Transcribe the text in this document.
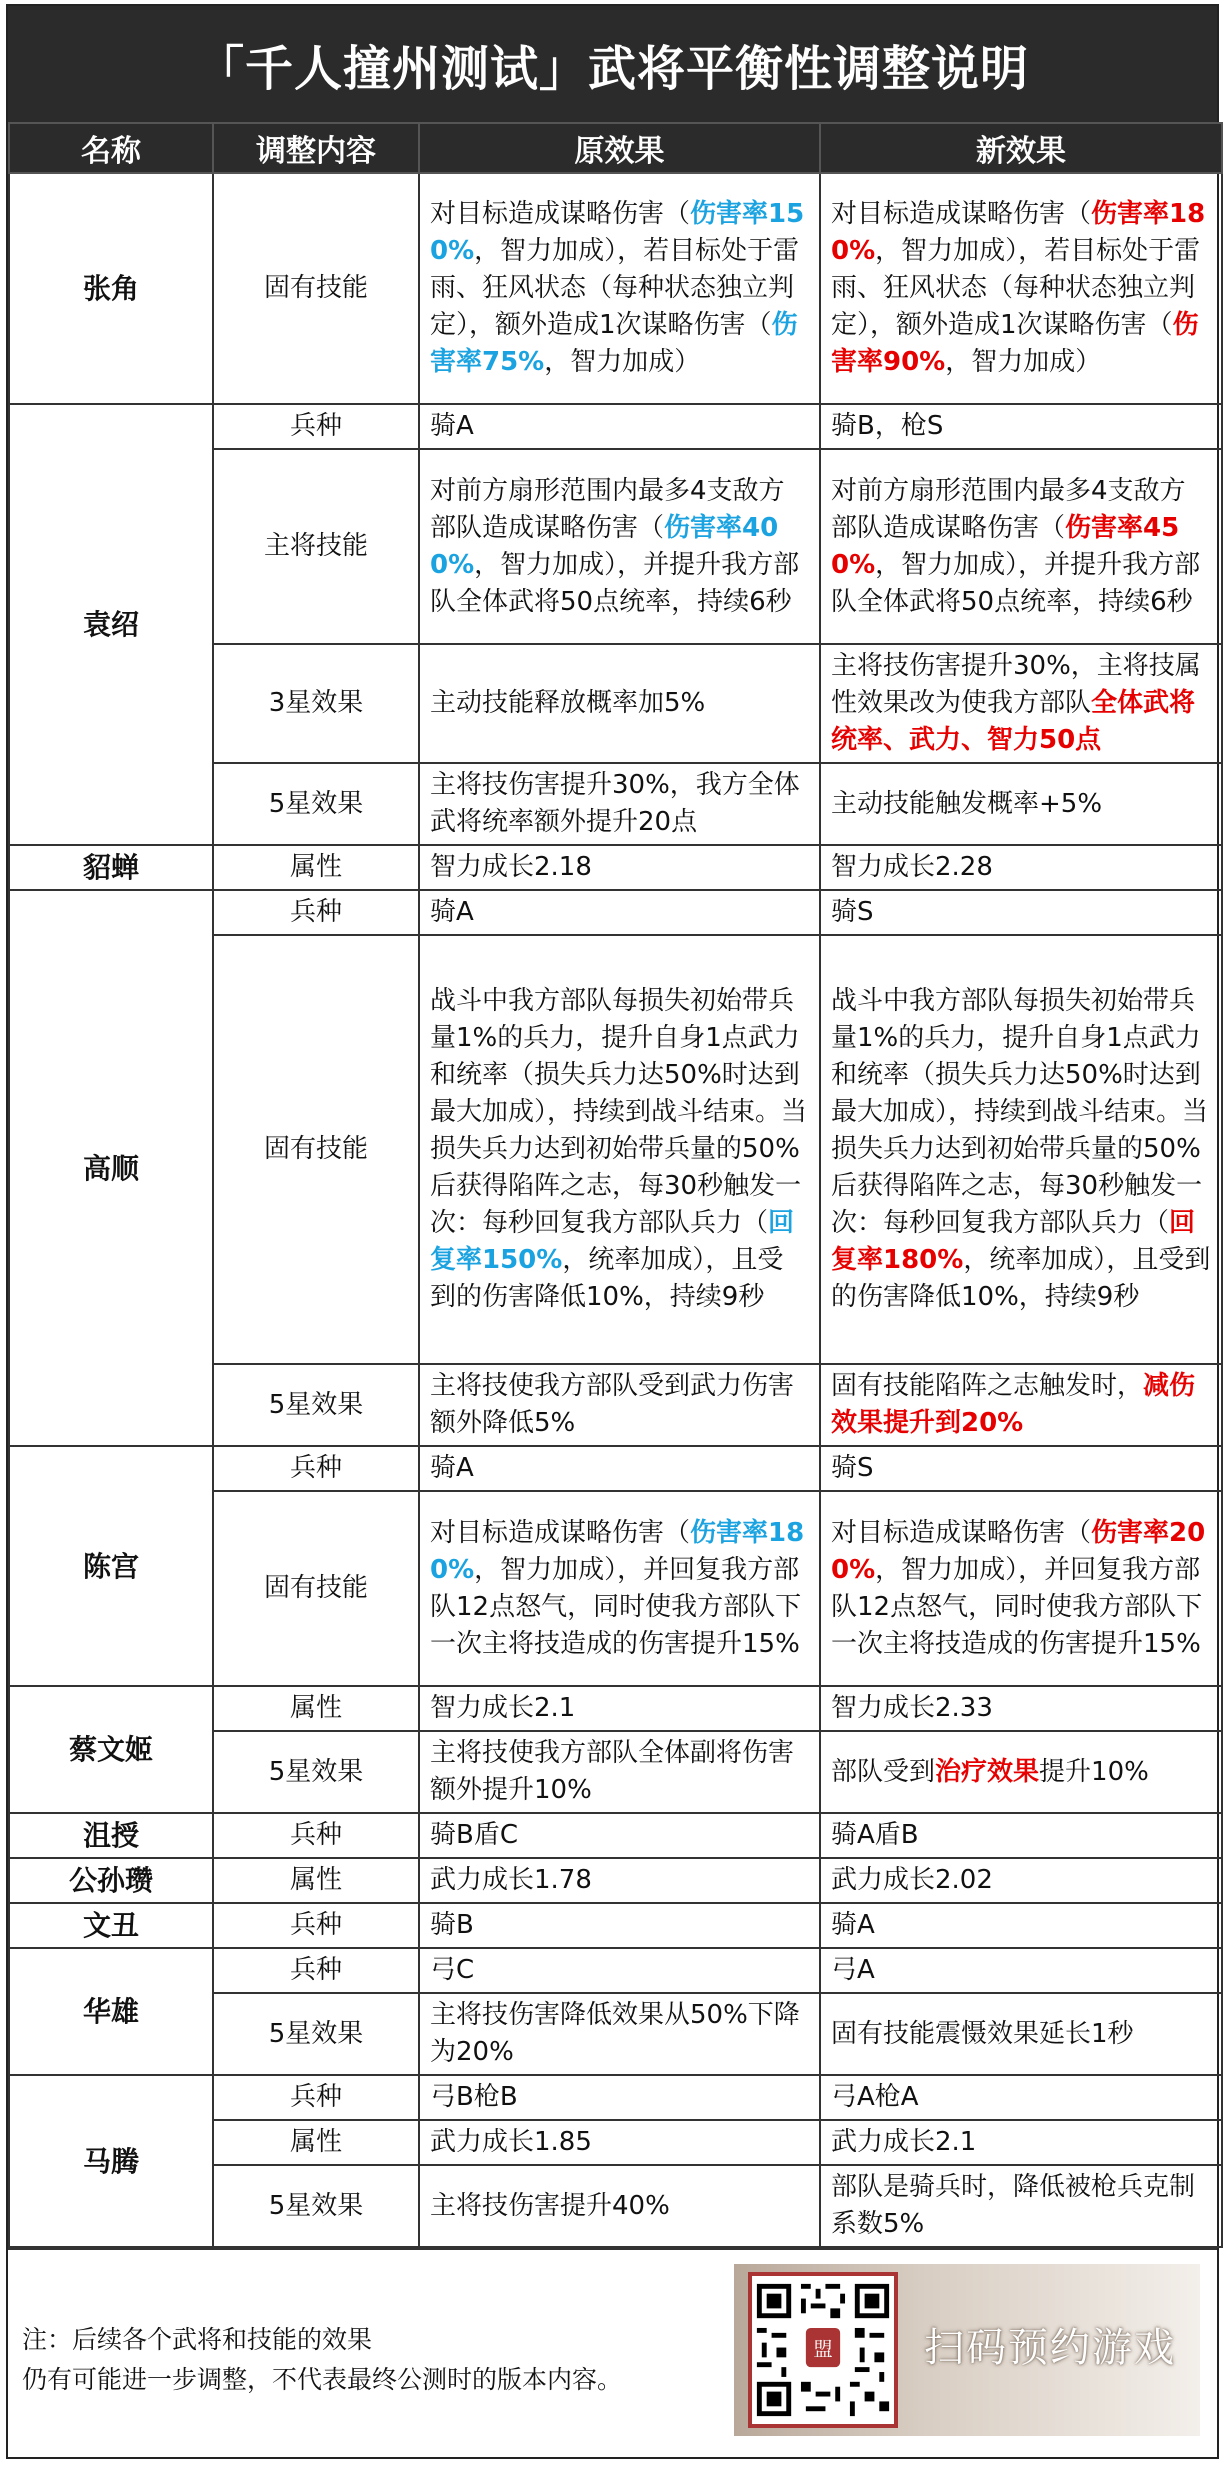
「千人撞州测试」武将平衡性调整说明
名称	调整内容	原效果	新效果
张角	固有技能	对目标造成谋略伤害（伤害率150%，智力加成），若目标处于雷雨、狂风状态（每种状态独立判定），额外造成1次谋略伤害（伤害率75%，智力加成）	对目标造成谋略伤害（伤害率180%，智力加成），若目标处于雷雨、狂风状态（每种状态独立判定），额外造成1次谋略伤害（伤害率90%，智力加成）
袁绍	兵种	骑A	骑B，枪S
	主将技能	对前方扇形范围内最多4支敌方部队造成谋略伤害（伤害率400%，智力加成），并提升我方部队全体武将50点统率，持续6秒	对前方扇形范围内最多4支敌方部队造成谋略伤害（伤害率450%，智力加成），并提升我方部队全体武将50点统率，持续6秒
	3星效果	主动技能释放概率加5%	主将技伤害提升30%，主将技属性效果改为使我方部队全体武将统率、武力、智力50点
	5星效果	主将技伤害提升30%，我方全体武将统率额外提升20点	主动技能触发概率+5%
貂蝉	属性	智力成长2.18	智力成长2.28
高顺	兵种	骑A	骑S
	固有技能	战斗中我方部队每损失初始带兵量1%的兵力，提升自身1点武力和统率（损失兵力达50%时达到最大加成），持续到战斗结束。当损失兵力达到初始带兵量的50%后获得陷阵之志，每30秒触发一次：每秒回复我方部队兵力（回复率150%，统率加成），且受到的伤害降低10%，持续9秒	战斗中我方部队每损失初始带兵量1%的兵力，提升自身1点武力和统率（损失兵力达50%时达到最大加成），持续到战斗结束。当损失兵力达到初始带兵量的50%后获得陷阵之志，每30秒触发一次：每秒回复我方部队兵力（回复率180%，统率加成），且受到的伤害降低10%，持续9秒
	5星效果	主将技使我方部队受到武力伤害额外降低5%	固有技能陷阵之志触发时，减伤效果提升到20%
陈宫	兵种	骑A	骑S
	固有技能	对目标造成谋略伤害（伤害率180%，智力加成），并回复我方部队12点怒气，同时使我方部队下一次主将技造成的伤害提升15%	对目标造成谋略伤害（伤害率200%，智力加成），并回复我方部队12点怒气，同时使我方部队下一次主将技造成的伤害提升15%
蔡文姬	属性	智力成长2.1	智力成长2.33
	5星效果	主将技使我方部队全体副将伤害额外提升10%	部队受到治疗效果提升10%
沮授	兵种	骑B盾C	骑A盾B
公孙瓒	属性	武力成长1.78	武力成长2.02
文丑	兵种	骑B	骑A
华雄	兵种	弓C	弓A
	5星效果	主将技伤害降低效果从50%下降为20%	固有技能震慑效果延长1秒
马腾	兵种	弓B枪B	弓A枪A
	属性	武力成长1.85	武力成长2.1
	5星效果	主将技伤害提升40%	部队是骑兵时，降低被枪兵克制系数5%
注：后续各个武将和技能的效果
仍有可能进一步调整，不代表最终公测时的版本内容。
盟 扫码预约游戏
